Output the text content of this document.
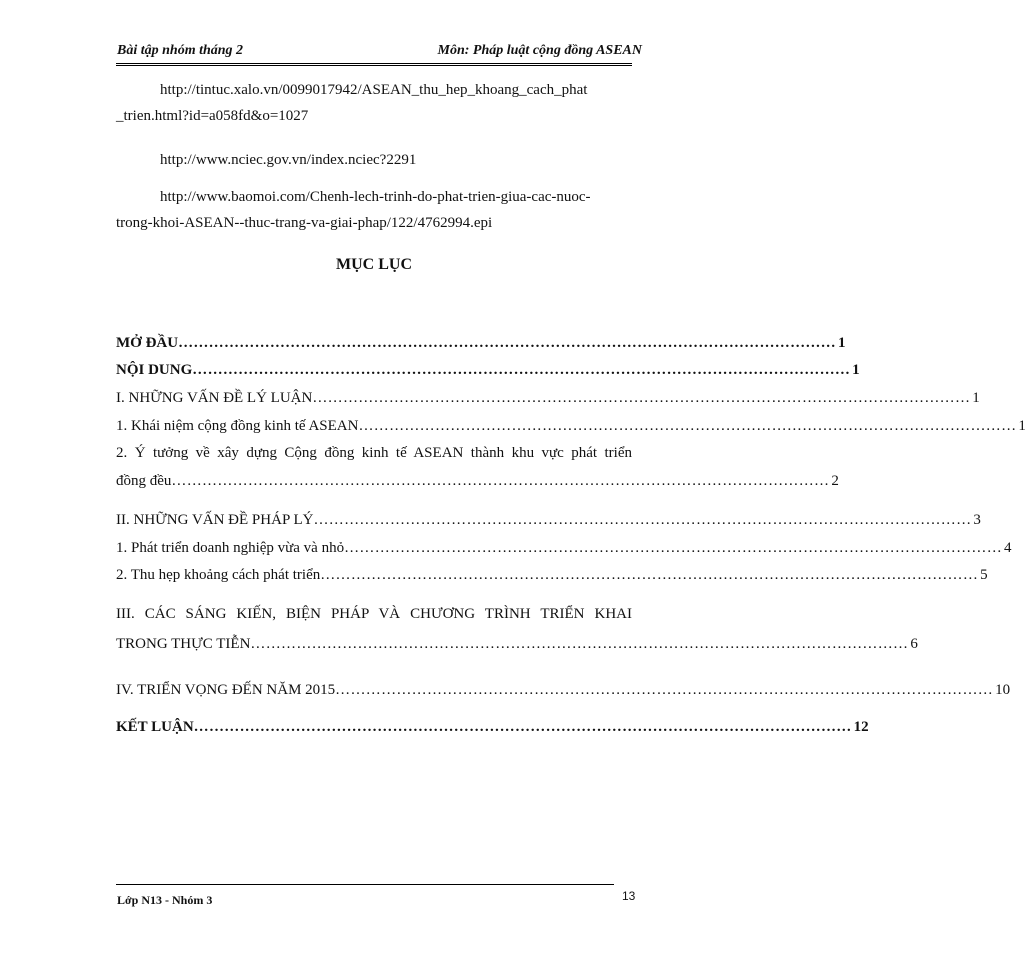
Bài tập nhóm tháng 2	Môn: Pháp luật cộng đồng ASEAN
http://tintuc.xalo.vn/0099017942/ASEAN_thu_hep_khoang_cach_phat
_trien.html?id=a058fd&o=1027
http://www.nciec.gov.vn/index.nciec?2291
http://www.baomoi.com/Chenh-lech-trinh-do-phat-trien-giua-cac-nuoc-
trong-khoi-ASEAN--thuc-trang-va-giai-phap/122/4762994.epi
MỤC LỤC
MỞ ĐẦU ………………………………………………………………………………………………………………… 1
NỘI DUNG ………………………………………………………………………………………………………………… 1
I. NHỮNG VẤN ĐỀ LÝ LUẬN ………………………………………………………………………………………………………………… 1
1. Khái niệm cộng đồng kinh tế ASEAN ………………………………………………………………………………………………………………… 1
2. Ý tưởng về xây dựng Cộng đồng kinh tế ASEAN thành khu vực phát triển
đồng đều ………………………………………………………………………………………………………………… 2
II. NHỮNG VẤN ĐỀ PHÁP LÝ ………………………………………………………………………………………………………………… 3
1. Phát triển doanh nghiệp vừa và nhỏ ………………………………………………………………………………………………………………… 4
2. Thu hẹp khoảng cách phát triển ………………………………………………………………………………………………………………… 5
III. CÁC SÁNG KIẾN, BIỆN PHÁP VÀ CHƯƠNG TRÌNH TRIỂN KHAI
TRONG THỰC TIỄN ………………………………………………………………………………………………………………… 6
IV. TRIỂN VỌNG ĐẾN NĂM 2015 ………………………………………………………………………………………………………………… 10
KẾT LUẬN ………………………………………………………………………………………………………………… 12
Lớp N13 - Nhóm 3	13
